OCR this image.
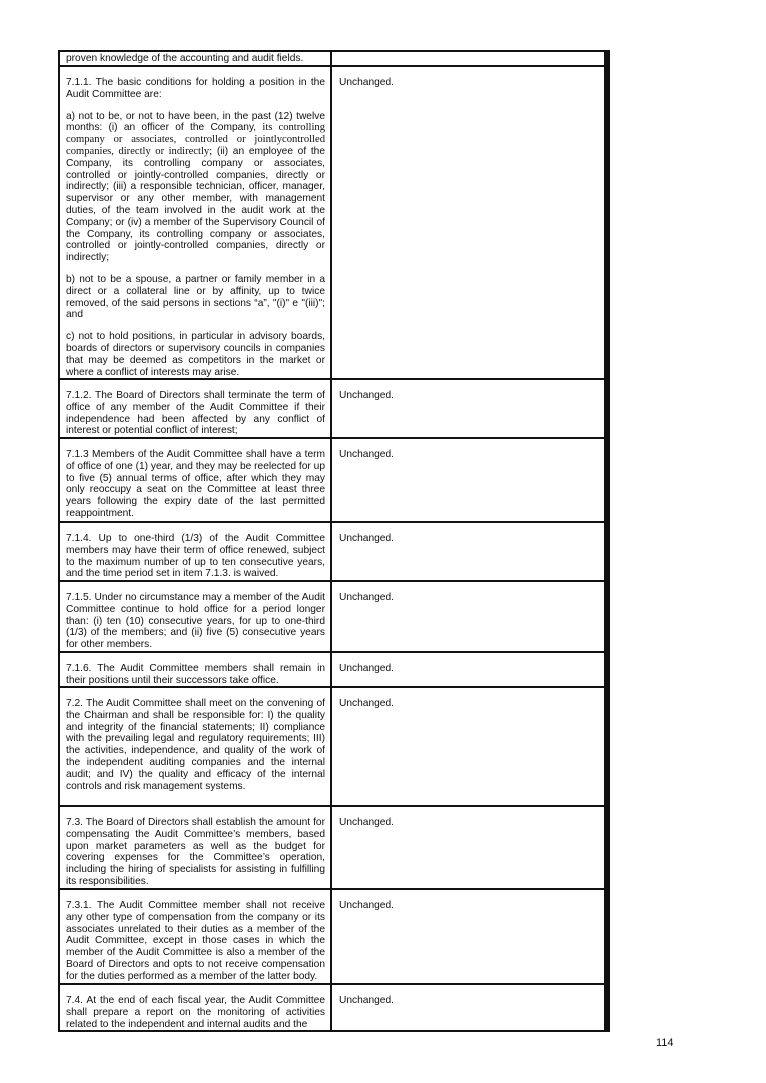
proven knowledge of the accounting and audit fields.

7.1.1. The basic conditions for holding a position in the Audit Committee are:

a) not to be, or not to have been, in the past (12) twelve months: (i) an officer of the Company, its controlling company or associates, controlled or jointlycontrolled companies, directly or indirectly; (ii) an employee of the Company, its controlling company or associates, controlled or jointly-controlled companies, directly or indirectly; (iii) a responsible technician, officer, manager, supervisor or any other member, with management duties, of the team involved in the audit work at the Company; or (iv) a member of the Supervisory Council of the Company, its controlling company or associates, controlled or jointly-controlled companies, directly or indirectly;

b) not to be a spouse, a partner or family member in a direct or a collateral line or by affinity, up to twice removed, of the said persons in sections “a”, "(i)" e "(iii)"; and

c) not to hold positions, in particular in advisory boards, boards of directors or supervisory councils in companies that may be deemed as competitors in the market or where a conflict of interests may arise.

Unchanged.

7.1.2. The Board of Directors shall terminate the term of office of any member of the Audit Committee if their independence had been affected by any conflict of interest or potential conflict of interest;

Unchanged.

7.1.3 Members of the Audit Committee shall have a term of office of one (1) year, and they may be reelected for up to five (5) annual terms of office, after which they may only reoccupy a seat on the Committee at least three years following the expiry date of the last permitted reappointment.

Unchanged.

7.1.4. Up to one-third (1/3) of the Audit Committee members may have their term of office renewed, subject to the maximum number of up to ten consecutive years, and the time period set in item 7.1.3. is waived.

Unchanged.

7.1.5. Under no circumstance may a member of the Audit Committee continue to hold office for a period longer than: (i) ten (10) consecutive years, for up to one-third (1/3) of the members; and (ii) five (5) consecutive years for other members.

Unchanged.

7.1.6. The Audit Committee members shall remain in their positions until their successors take office.

Unchanged.

7.2. The Audit Committee shall meet on the convening of the Chairman and shall be responsible for: I) the quality and integrity of the financial statements; II) compliance with the prevailing legal and regulatory requirements; III) the activities, independence, and quality of the work of the independent auditing companies and the internal audit; and IV) the quality and efficacy of the internal controls and risk management systems.

Unchanged.

7.3. The Board of Directors shall establish the amount for compensating the Audit Committee’s members, based upon market parameters as well as the budget for covering expenses for the Committee’s operation, including the hiring of specialists for assisting in fulfilling its responsibilities.

Unchanged.

7.3.1. The Audit Committee member shall not receive any other type of compensation from the company or its associates unrelated to their duties as a member of the Audit Committee, except in those cases in which the member of the Audit Committee is also a member of the Board of Directors and opts to not receive compensation for the duties performed as a member of the latter body.

Unchanged.

7.4. At the end of each fiscal year, the Audit Committee shall prepare a report on the monitoring of activities related to the independent and internal audits and the

Unchanged.

114
